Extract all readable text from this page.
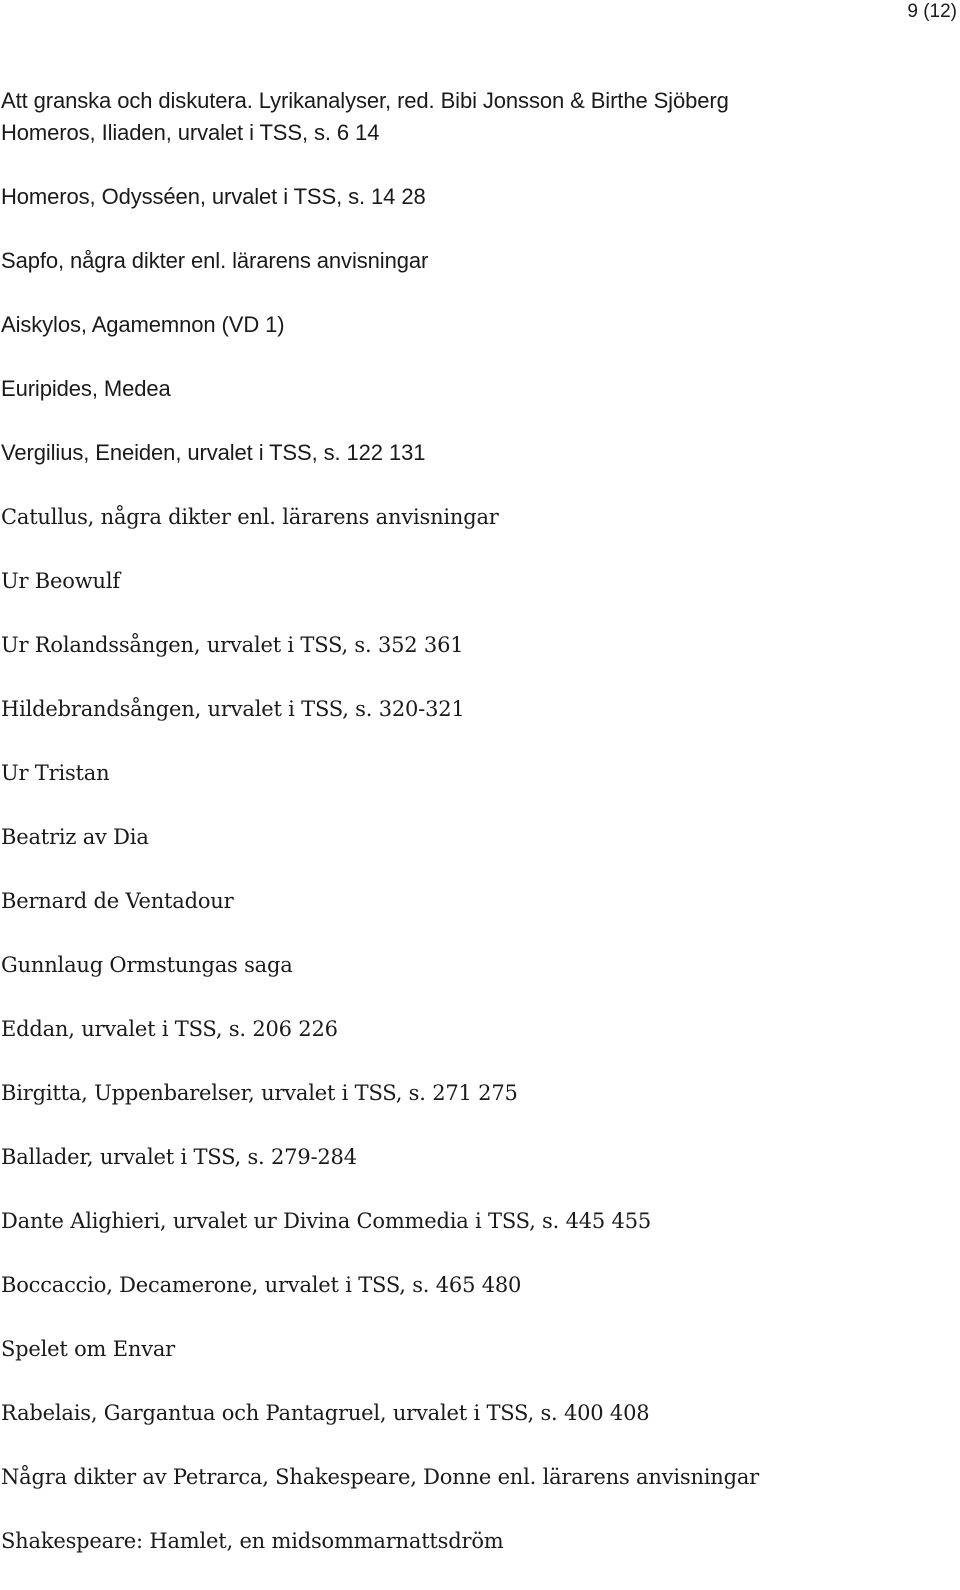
9 (12)
Att granska och diskutera. Lyrikanalyser, red. Bibi Jonsson & Birthe Sjöberg
Homeros, Iliaden, urvalet i TSS, s. 6 14
Homeros, Odysséen, urvalet i TSS, s. 14 28
Sapfo, några dikter enl. lärarens anvisningar
Aiskylos, Agamemnon (VD 1)
Euripides, Medea
Vergilius, Eneiden, urvalet i TSS, s. 122 131
Catullus, några dikter enl. lärarens anvisningar
Ur Beowulf
Ur Rolandssången, urvalet i TSS, s. 352 361
Hildebrandsången, urvalet i TSS, s. 320-321
Ur Tristan
Beatriz av Dia
Bernard de Ventadour
Gunnlaug Ormstungas saga
Eddan, urvalet i TSS, s. 206 226
Birgitta, Uppenbarelser, urvalet i TSS, s. 271 275
Ballader, urvalet i TSS, s. 279-284
Dante Alighieri, urvalet ur Divina Commedia i TSS, s. 445 455
Boccaccio, Decamerone, urvalet i TSS, s. 465 480
Spelet om Envar
Rabelais, Gargantua och Pantagruel, urvalet i TSS, s. 400 408
Några dikter av Petrarca, Shakespeare, Donne enl. lärarens anvisningar
Shakespeare: Hamlet, en midsommarnattsdröm
